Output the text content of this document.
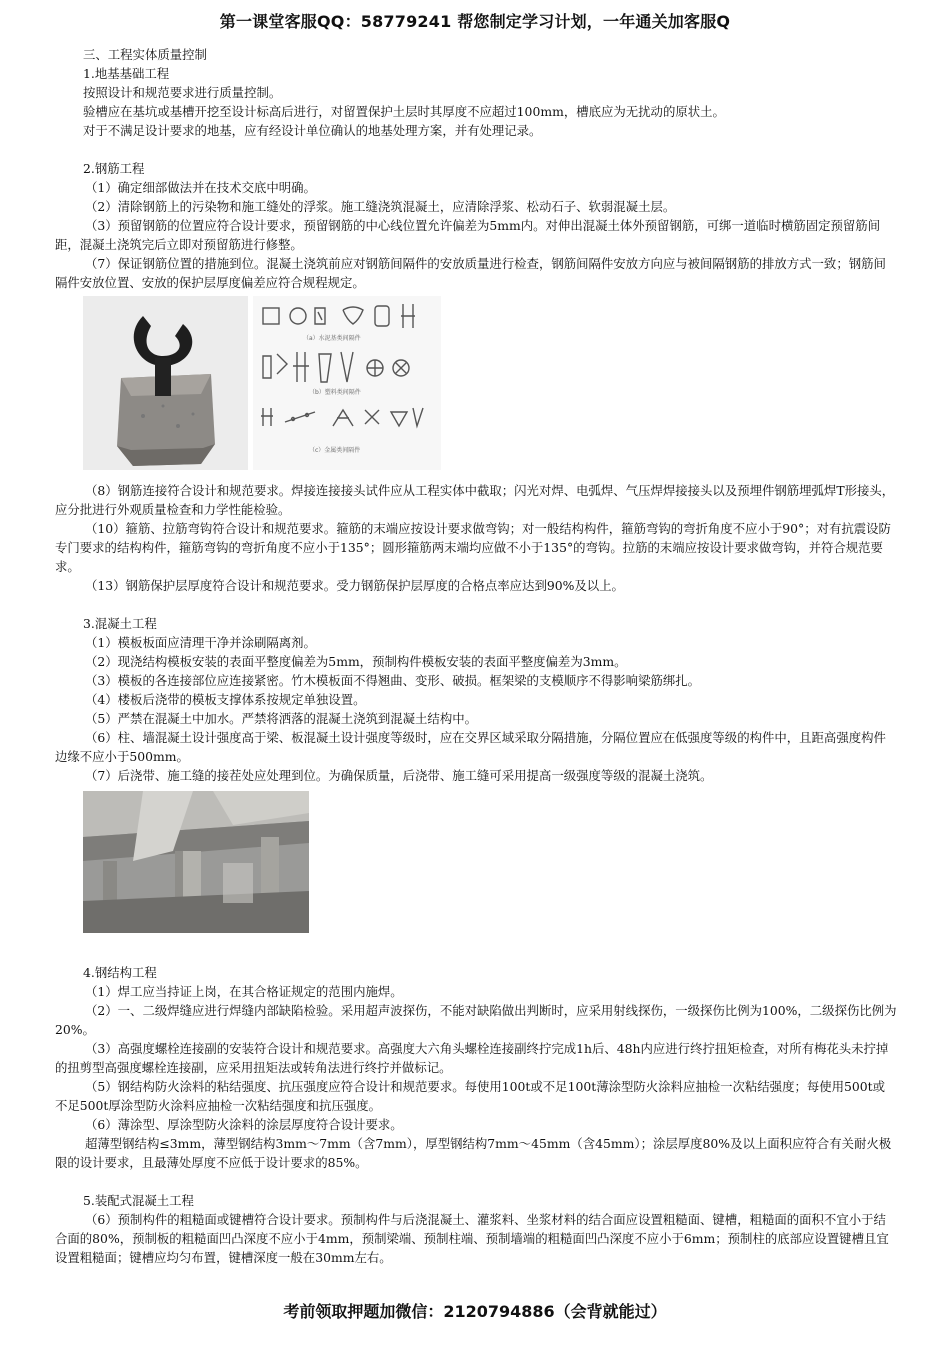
第一课堂客服QQ：58779241 帮您制定学习计划，一年通关加客服Q

三、工程实体质量控制

1.地基基础工程

按照设计和规范要求进行质量控制。

验槽应在基坑或基槽开挖至设计标高后进行，对留置保护土层时其厚度不应超过100mm，槽底应为无扰动的原状土。

对于不满足设计要求的地基，应有经设计单位确认的地基处理方案，并有处理记录。

2.钢筋工程

（1）确定细部做法并在技术交底中明确。

（2）清除钢筋上的污染物和施工缝处的浮浆。施工缝浇筑混凝土，应清除浮浆、松动石子、软弱混凝土层。

（3）预留钢筋的位置应符合设计要求，预留钢筋的中心线位置允许偏差为5mm内。对伸出混凝土体外预留钢筋，可绑一道临时横筋固定预留筋间距，混凝土浇筑完后立即对预留筋进行修整。

（7）保证钢筋位置的措施到位。混凝土浇筑前应对钢筋间隔件的安放质量进行检查，钢筋间隔件安放方向应与被间隔钢筋的排放方式一致；钢筋间隔件安放位置、安放的保护层厚度偏差应符合规程规定。

（a）水泥基类间隔件
（b）塑料类间隔件
（c）金属类间隔件

（8）钢筋连接符合设计和规范要求。焊接连接接头试件应从工程实体中截取；闪光对焊、电弧焊、气压焊焊接接头以及预埋件钢筋埋弧焊T形接头，应分批进行外观质量检查和力学性能检验。

（10）箍筋、拉筋弯钩符合设计和规范要求。箍筋的末端应按设计要求做弯钩；对一般结构构件，箍筋弯钩的弯折角度不应小于90°；对有抗震设防专门要求的结构构件，箍筋弯钩的弯折角度不应小于135°；圆形箍筋两末端均应做不小于135°的弯钩。拉筋的末端应按设计要求做弯钩，并符合规范要求。

（13）钢筋保护层厚度符合设计和规范要求。受力钢筋保护层厚度的合格点率应达到90%及以上。

3.混凝土工程

（1）模板板面应清理干净并涂刷隔离剂。

（2）现浇结构模板安装的表面平整度偏差为5mm，预制构件模板安装的表面平整度偏差为3mm。

（3）模板的各连接部位应连接紧密。竹木模板面不得翘曲、变形、破损。框架梁的支模顺序不得影响梁筋绑扎。

（4）楼板后浇带的模板支撑体系按规定单独设置。

（5）严禁在混凝土中加水。严禁将洒落的混凝土浇筑到混凝土结构中。

（6）柱、墙混凝土设计强度高于梁、板混凝土设计强度等级时，应在交界区域采取分隔措施，分隔位置应在低强度等级的构件中，且距高强度构件边缘不应小于500mm。

（7）后浇带、施工缝的接茬处应处理到位。为确保质量，后浇带、施工缝可采用提高一级强度等级的混凝土浇筑。

4.钢结构工程

（1）焊工应当持证上岗，在其合格证规定的范围内施焊。

（2）一、二级焊缝应进行焊缝内部缺陷检验。采用超声波探伤，不能对缺陷做出判断时，应采用射线探伤，一级探伤比例为100%，二级探伤比例为20%。

（3）高强度螺栓连接副的安装符合设计和规范要求。高强度大六角头螺栓连接副终拧完成1h后、48h内应进行终拧扭矩检查，对所有梅花头未拧掉的扭剪型高强度螺栓连接副，应采用扭矩法或转角法进行终拧并做标记。

（5）钢结构防火涂料的粘结强度、抗压强度应符合设计和规范要求。每使用100t或不足100t薄涂型防火涂料应抽检一次粘结强度；每使用500t或不足500t厚涂型防火涂料应抽检一次粘结强度和抗压强度。

（6）薄涂型、厚涂型防火涂料的涂层厚度符合设计要求。

超薄型钢结构≤3mm，薄型钢结构3mm～7mm（含7mm），厚型钢结构7mm～45mm（含45mm）；涂层厚度80%及以上面积应符合有关耐火极限的设计要求，且最薄处厚度不应低于设计要求的85%。

5.装配式混凝土工程

（6）预制构件的粗糙面或键槽符合设计要求。预制构件与后浇混凝土、灌浆料、坐浆材料的结合面应设置粗糙面、键槽，粗糙面的面积不宜小于结合面的80%，预制板的粗糙面凹凸深度不应小于4mm，预制梁端、预制柱端、预制墙端的粗糙面凹凸深度不应小于6mm；预制柱的底部应设置键槽且宜设置粗糙面；键槽应均匀布置，键槽深度一般在30mm左右。

考前领取押题加微信：2120794886（会背就能过）
